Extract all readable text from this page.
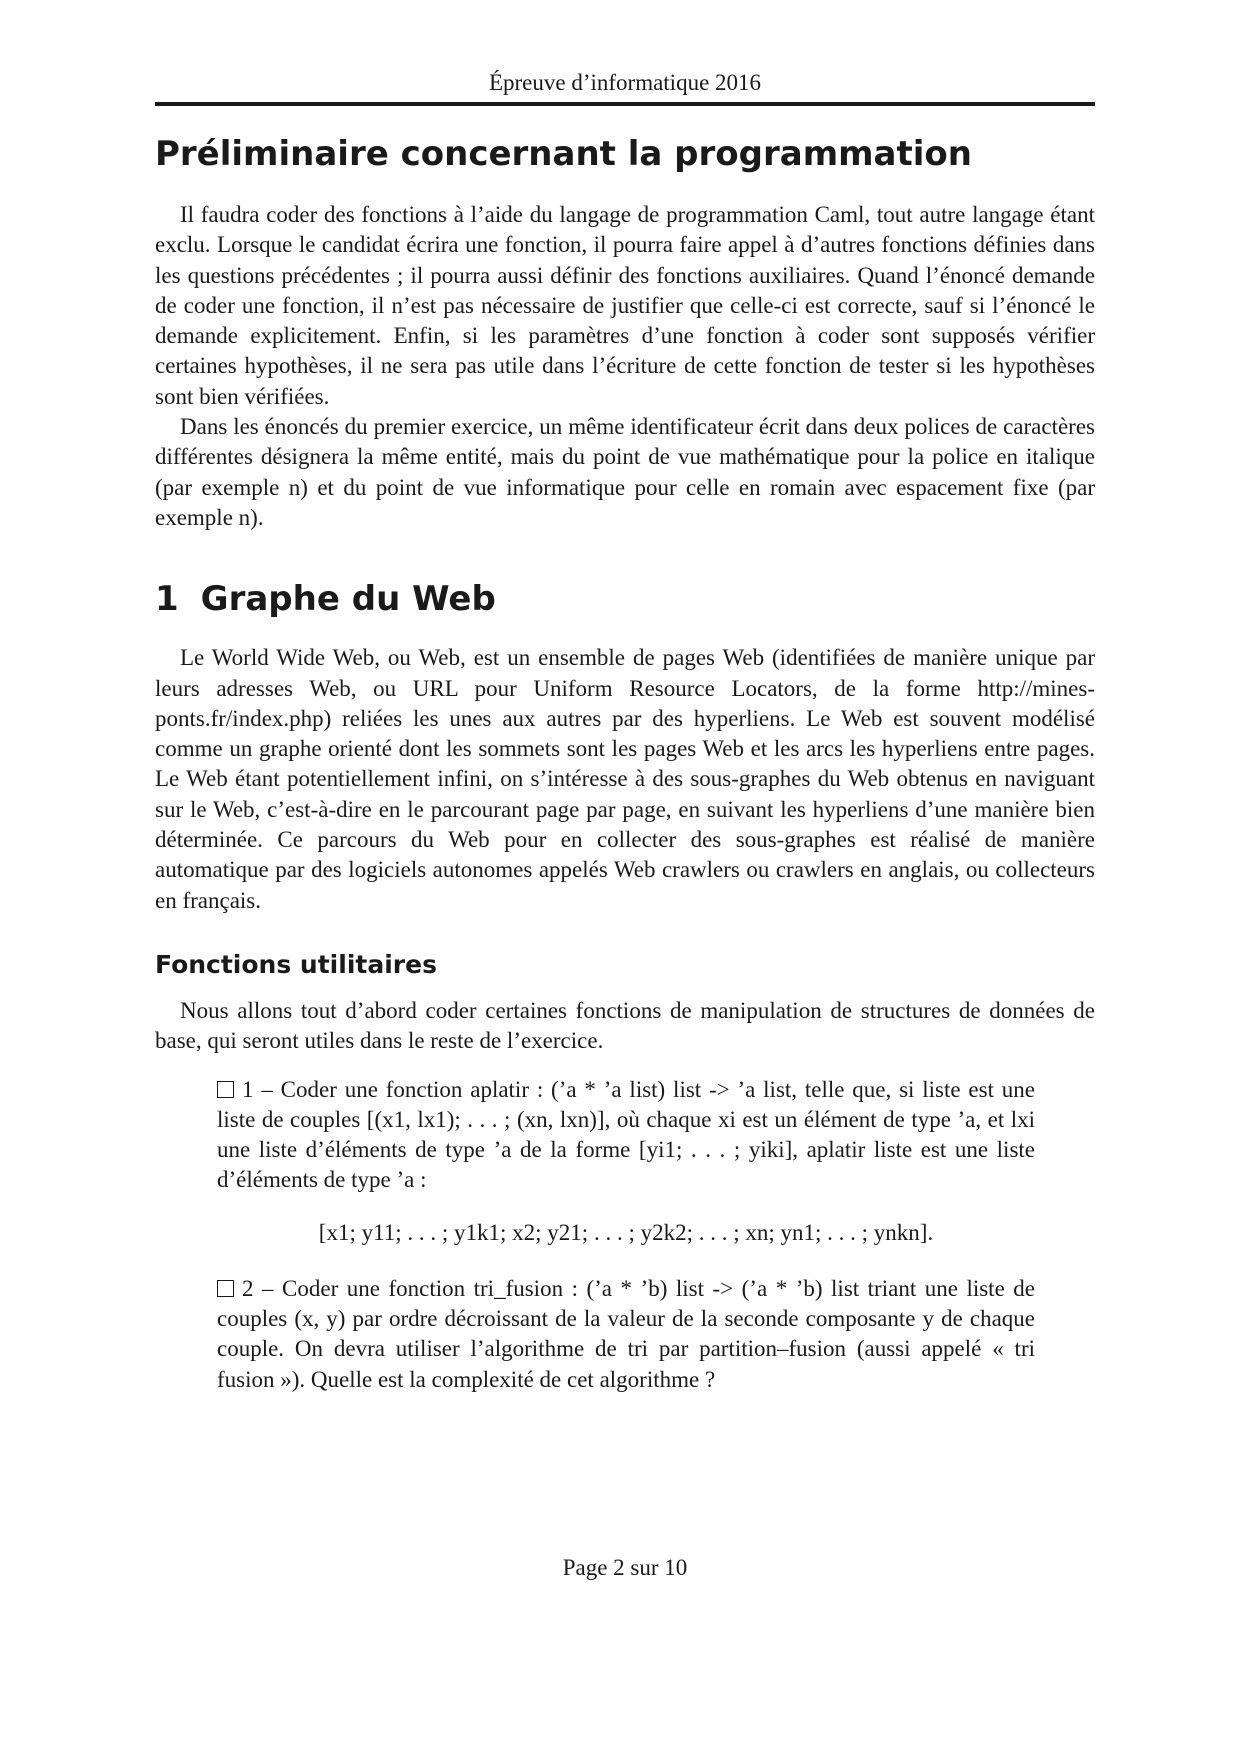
Épreuve d’informatique 2016
Préliminaire concernant la programmation

Il faudra coder des fonctions à l’aide du langage de programmation Caml, tout autre langage étant exclu. Lorsque le candidat écrira une fonction, il pourra faire appel à d’autres fonctions définies dans les questions précédentes ; il pourra aussi définir des fonctions auxiliaires. Quand l’énoncé demande de coder une fonction, il n’est pas nécessaire de justifier que celle-ci est correcte, sauf si l’énoncé le demande explicitement. Enfin, si les paramètres d’une fonction à coder sont supposés vérifier certaines hypothèses, il ne sera pas utile dans l’écriture de cette fonction de tester si les hypothèses sont bien vérifiées.

Dans les énoncés du premier exercice, un même identificateur écrit dans deux polices de caractères différentes désignera la même entité, mais du point de vue mathématique pour la police en italique (par exemple n) et du point de vue informatique pour celle en romain avec espacement fixe (par exemple n).

1 Graphe du Web

Le World Wide Web, ou Web, est un ensemble de pages Web (identifiées de manière unique par leurs adresses Web, ou URL pour Uniform Resource Locators, de la forme http://mines-ponts.fr/index.php) reliées les unes aux autres par des hyperliens. Le Web est souvent modélisé comme un graphe orienté dont les sommets sont les pages Web et les arcs les hyperliens entre pages. Le Web étant potentiellement infini, on s’intéresse à des sous-graphes du Web obtenus en naviguant sur le Web, c’est-à-dire en le parcourant page par page, en suivant les hyperliens d’une manière bien déterminée. Ce parcours du Web pour en collecter des sous-graphes est réalisé de manière automatique par des logiciels autonomes appelés Web crawlers ou crawlers en anglais, ou collecteurs en français.

Fonctions utilitaires

Nous allons tout d’abord coder certaines fonctions de manipulation de structures de données de base, qui seront utiles dans le reste de l’exercice.

1 – Coder une fonction aplatir : (’a * ’a list) list -> ’a list, telle que, si liste est une liste de couples [(x1, lx1); . . . ; (xn, lxn)], où chaque xi est un élément de type ’a, et lxi une liste d’éléments de type ’a de la forme [yi1; . . . ; yiki], aplatir liste est une liste d’éléments de type ’a :

[x1; y11; . . . ; y1k1; x2; y21; . . . ; y2k2; . . . ; xn; yn1; . . . ; ynkn].

2 – Coder une fonction tri_fusion : (’a * ’b) list -> (’a * ’b) list triant une liste de couples (x, y) par ordre décroissant de la valeur de la seconde composante y de chaque couple. On devra utiliser l’algorithme de tri par partition–fusion (aussi appelé « tri fusion »). Quelle est la complexité de cet algorithme ?

Page 2 sur 10
